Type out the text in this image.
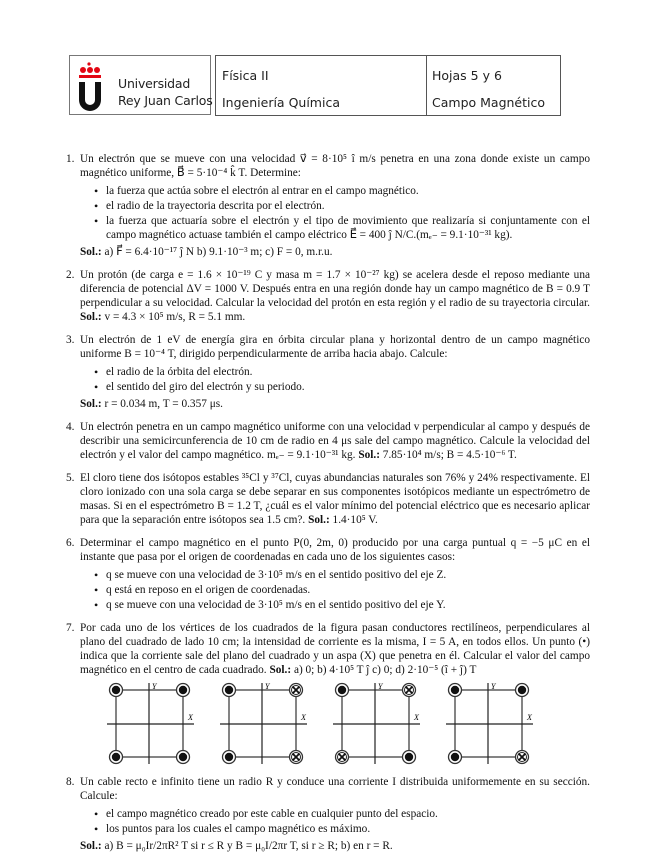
Universidad
Rey Juan Carlos
Física II
Ingeniería Química
Hojas 5 y 6
Campo Magnético
1. Un electrón que se mueve con una velocidad v⃗ = 8·10⁵ î m/s penetra en una zona donde existe un campo magnético uniforme, B⃗ = 5·10⁻⁴ k̂ T. Determine:
• la fuerza que actúa sobre el electrón al entrar en el campo magnético.
• el radio de la trayectoria descrita por el electrón.
• la fuerza que actuaría sobre el electrón y el tipo de movimiento que realizaría si conjuntamente con el campo magnético actuase también el campo eléctrico E⃗ = 400 ĵ N/C.(mₑ₋ = 9.1·10⁻³¹ kg).
Sol.: a) F⃗ = 6.4·10⁻¹⁷ ĵ N b) 9.1·10⁻³ m; c) F = 0, m.r.u.
2. Un protón (de carga e = 1.6 × 10⁻¹⁹ C y masa m = 1.7 × 10⁻²⁷ kg) se acelera desde el reposo mediante una diferencia de potencial ΔV = 1000 V. Después entra en una región donde hay un campo magnético de B = 0.9 T perpendicular a su velocidad. Calcular la velocidad del protón en esta región y el radio de su trayectoria circular. Sol.: v = 4.3 × 10⁵ m/s, R = 5.1 mm.
3. Un electrón de 1 eV de energía gira en órbita circular plana y horizontal dentro de un campo magnético uniforme B = 10⁻⁴ T, dirigido perpendicularmente de arriba hacia abajo. Calcule:
• el radio de la órbita del electrón.
• el sentido del giro del electrón y su periodo.
Sol.: r = 0.034 m, T = 0.357 μs.
4. Un electrón penetra en un campo magnético uniforme con una velocidad v perpendicular al campo y después de describir una semicircunferencia de 10 cm de radio en 4 μs sale del campo magnético. Calcule la velocidad del electrón y el valor del campo magnético. mₑ₋ = 9.1·10⁻³¹ kg. Sol.: 7.85·10⁴ m/s; B = 4.5·10⁻⁶ T.
5. El cloro tiene dos isótopos estables ³⁵Cl y ³⁷Cl, cuyas abundancias naturales son 76% y 24% respectivamente. El cloro ionizado con una sola carga se debe separar en sus componentes isotópicos mediante un espectrómetro de masas. Si en el espectrómetro B = 1.2 T, ¿cuál es el valor mínimo del potencial eléctrico que es necesario aplicar para que la separación entre isótopos sea 1.5 cm?. Sol.: 1.4·10⁵ V.
6. Determinar el campo magnético en el punto P(0, 2m, 0) producido por una carga puntual q = −5 μC en el instante que pasa por el origen de coordenadas en cada uno de los siguientes casos:
• q se mueve con una velocidad de 3·10⁵ m/s en el sentido positivo del eje Z.
• q está en reposo en el origen de coordenadas.
• q se mueve con una velocidad de 3·10⁵ m/s en el sentido positivo del eje Y.
7. Por cada uno de los vértices de los cuadrados de la figura pasan conductores rectilíneos, perpendiculares al plano del cuadrado de lado 10 cm; la intensidad de corriente es la misma, I = 5 A, en todos ellos. Un punto (•) indica que la corriente sale del plano del cuadrado y un aspa (X) que penetra en él. Calcular el valor del campo magnético en el centro de cada cuadrado. Sol.: a) 0; b) 4·10⁵ T ĵ c) 0; d) 2·10⁻⁵ (î + ĵ) T
Y
X
Y
X
Y
X
Y
X
8. Un cable recto e infinito tiene un radio R y conduce una corriente I distribuida uniformemente en su sección. Calcule:
• el campo magnético creado por este cable en cualquier punto del espacio.
• los puntos para los cuales el campo magnético es máximo.
Sol.: a) B = μ₀Ir/2πR² T si r ≤ R y B = μ₀I/2πr T, si r ≥ R; b) en r = R.
